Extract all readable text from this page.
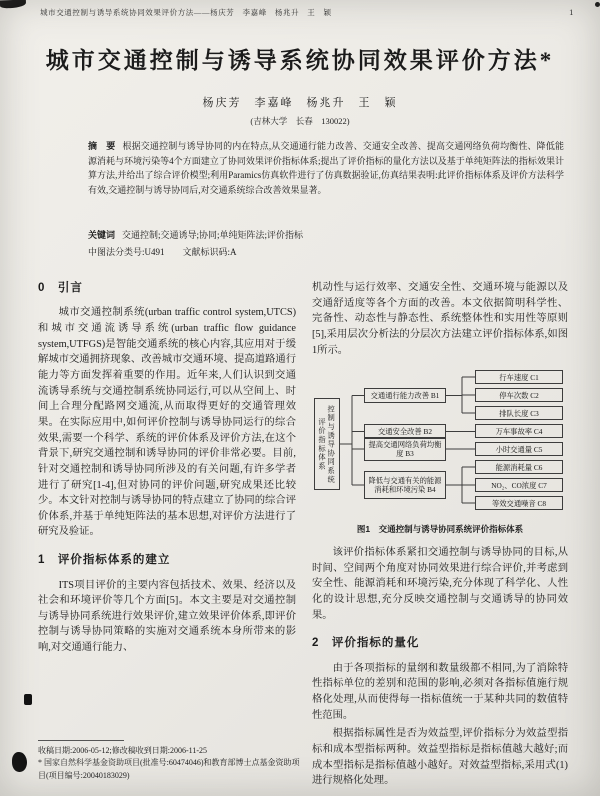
城市交通控制与诱导系统协同效果评价方法——杨庆芳　李嘉峰　杨兆升　王　颖	1
城市交通控制与诱导系统协同效果评价方法*
杨庆芳　李嘉峰　杨兆升　王　颖
(吉林大学　长春　130022)

摘　要 根据交通控制与诱导协同的内在特点,从交通通行能力改善、交通安全改善、提高交通网络负荷均衡性、降低能源消耗与环境污染等4个方面建立了协同效果评价指标体系;提出了评价指标的量化方法以及基于单纯矩阵法的指标效果计算方法,并给出了综合评价模型;利用Paramics仿真软件进行了仿真数据验证,仿真结果表明:此评价指标体系及评价方法科学有效,交通控制与诱导协同后,对交通系统综合改善效果显著。

关键词 交通控制;交通诱导;协同;单纯矩阵法;评价指标

中图法分类号:U491　　文献标识码:A

0　引言

城市交通控制系统(urban traffic control system,UTCS)和城市交通流诱导系统(urban traffic flow guidance system,UTFGS)是智能交通系统的核心内容,其应用对于缓解城市交通拥挤现象、改善城市交通环境、提高道路通行能力等方面发挥着重要的作用。近年来,人们认识到交通流诱导系统与交通控制系统协同运行,可以从空间上、时间上合理分配路网交通流,从而取得更好的交通管理效果。在实际应用中,如何评价控制与诱导协同运行的综合效果,需要一个科学、系统的评价体系及评价方法,在这个背景下,研究交通控制和诱导协同的评价非常必要。目前,针对交通控制和诱导协同所涉及的有关问题,有许多学者进行了研究[1-4],但对协同的评价问题,研究成果还比较少。本文针对控制与诱导协同的特点建立了协同的综合评价体系,并基于单纯矩阵法的基本思想,对评价方法进行了研究及验证。

1　评价指标体系的建立

ITS项目评价的主要内容包括技术、效果、经济以及社会和环境评价等几个方面[5]。本文主要是对交通控制与诱导协同系统进行效果评价,建立效果评价体系,即评价控制与诱导协同策略的实施对交通系统本身所带来的影响,对交通通行能力、

机动性与运行效率、交通安全性、交通环境与能源以及交通舒适度等各个方面的改善。本文依据简明科学性、完备性、动态性与静态性、系统整体性和实用性等原则[5],采用层次分析法的分层次方法建立评价指标体系,如图1所示。

控制与诱导协同系统评价指标体系
交通通行能力改善 B1
交通安全改善 B2
提高交通网络负荷均衡度 B3
降低与交通有关的能源消耗和环境污染 B4
行车速度 C1
停车次数 C2
排队长度 C3
万车事故率 C4
小时交通量 C5
能源消耗量 C6
NO₂、CO浓度 C7
等效交通噪音 C8
图1　交通控制与诱导协同系统评价指标体系

该评价指标体系紧扣交通控制与诱导协同的目标,从时间、空间两个角度对协同效果进行综合评价,并考虑到安全性、能源消耗和环境污染,充分体现了科学化、人性化的设计思想,充分反映交通控制与交通诱导的协同效果。

2　评价指标的量化

由于各项指标的量纲和数量级都不相同,为了消除特性指标单位的差别和范围的影响,必须对各指标值施行规格化处理,从而使得每一指标值统一于某种共同的数值特性范围。

根据指标属性是否为效益型,评价指标分为效益型指标和成本型指标两种。效益型指标是指标值越大越好;而成本型指标是指标值越小越好。对效益型指标,采用式(1)进行规格化处理。

收稿日期:2006-05-12;修改稿收到日期:2006-11-25
* 国家自然科学基金资助项目(批准号:60474046)和教育部博士点基金资助项目(项目编号:20040183029)
